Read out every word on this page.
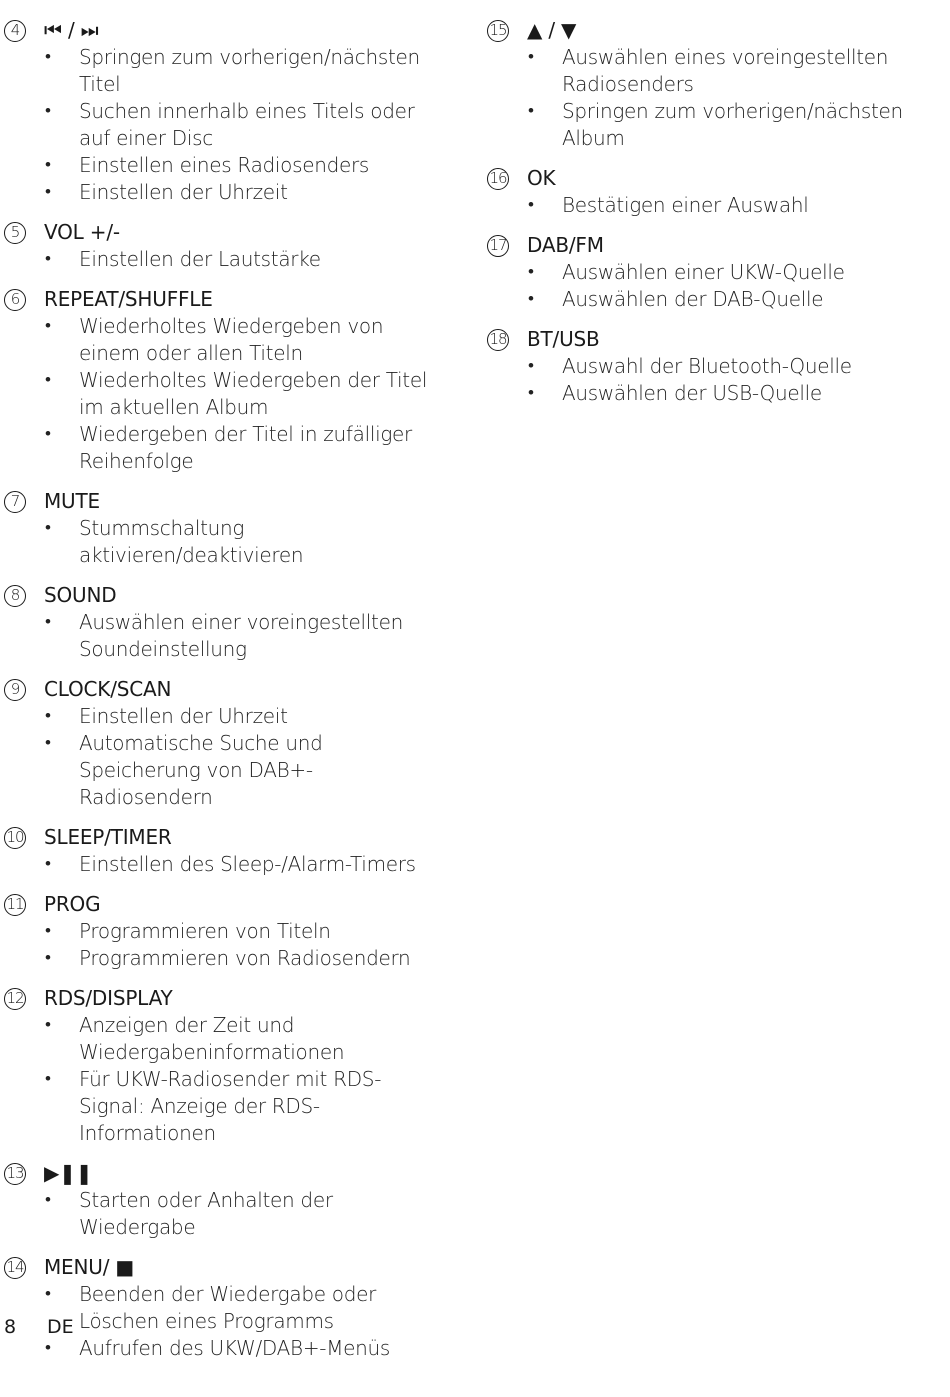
4	⏮ / ⏭
• Springen zum vorherigen/nächsten Titel
• Suchen innerhalb eines Titels oder auf einer Disc
• Einstellen eines Radiosenders
• Einstellen der Uhrzeit
5	VOL +/-
• Einstellen der Lautstärke
6	REPEAT/SHUFFLE
• Wiederholtes Wiedergeben von einem oder allen Titeln
• Wiederholtes Wiedergeben der Titel im aktuellen Album
• Wiedergeben der Titel in zufälliger Reihenfolge
7	MUTE
• Stummschaltung aktivieren/deaktivieren
8	SOUND
• Auswählen einer voreingestellten Soundeinstellung
9	CLOCK/SCAN
• Einstellen der Uhrzeit
• Automatische Suche und Speicherung von DAB+-Radiosendern
10 SLEEP/TIMER
• Einstellen des Sleep-/Alarm-Timers
11 PROG
• Programmieren von Titeln
• Programmieren von Radiosendern
12 RDS/DISPLAY
• Anzeigen der Zeit und Wiedergabeninformationen
• Für UKW-Radiosender mit RDS-Signal: Anzeige der RDS-Informationen
13 ▶❚❚
• Starten oder Anhalten der Wiedergabe
14 MENU/ ■
• Beenden der Wiedergabe oder Löschen eines Programms
• Aufrufen des UKW/DAB+-Menüs
15 ▲ / ▼
• Auswählen eines voreingestellten Radiosenders
• Springen zum vorherigen/nächsten Album
16 OK
• Bestätigen einer Auswahl
17 DAB/FM
• Auswählen einer UKW-Quelle
• Auswählen der DAB-Quelle
18 BT/USB
• Auswahl der Bluetooth-Quelle
• Auswählen der USB-Quelle
8 DE
